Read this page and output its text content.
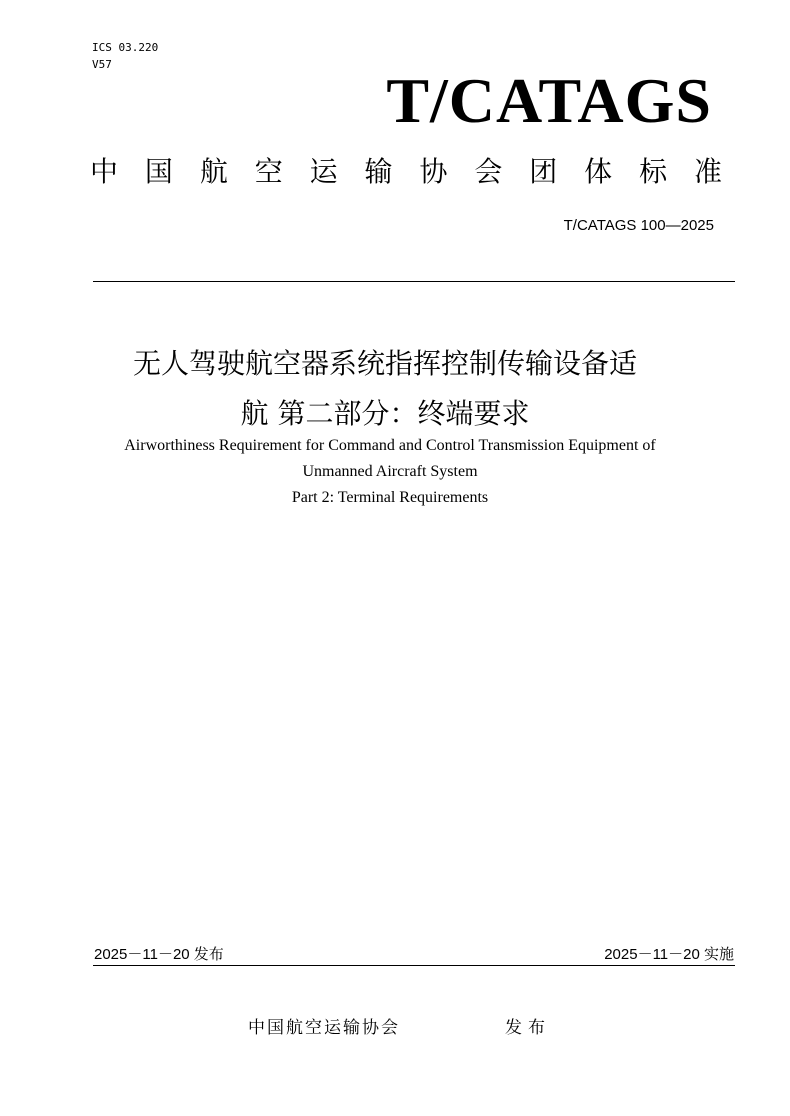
ICS 03.220
V57
T/CATAGS
中 国 航 空 运 输 协 会 团 体 标 准
T/CATAGS 100—2025
无人驾驶航空器系统指挥控制传输设备适
航 第二部分：终端要求
Airworthiness Requirement for Command and Control Transmission Equipment of
Unmanned Aircraft System
Part 2: Terminal Requirements
2025－11－20 发布	2025－11－20 实施
中国航空运输协会	发布
